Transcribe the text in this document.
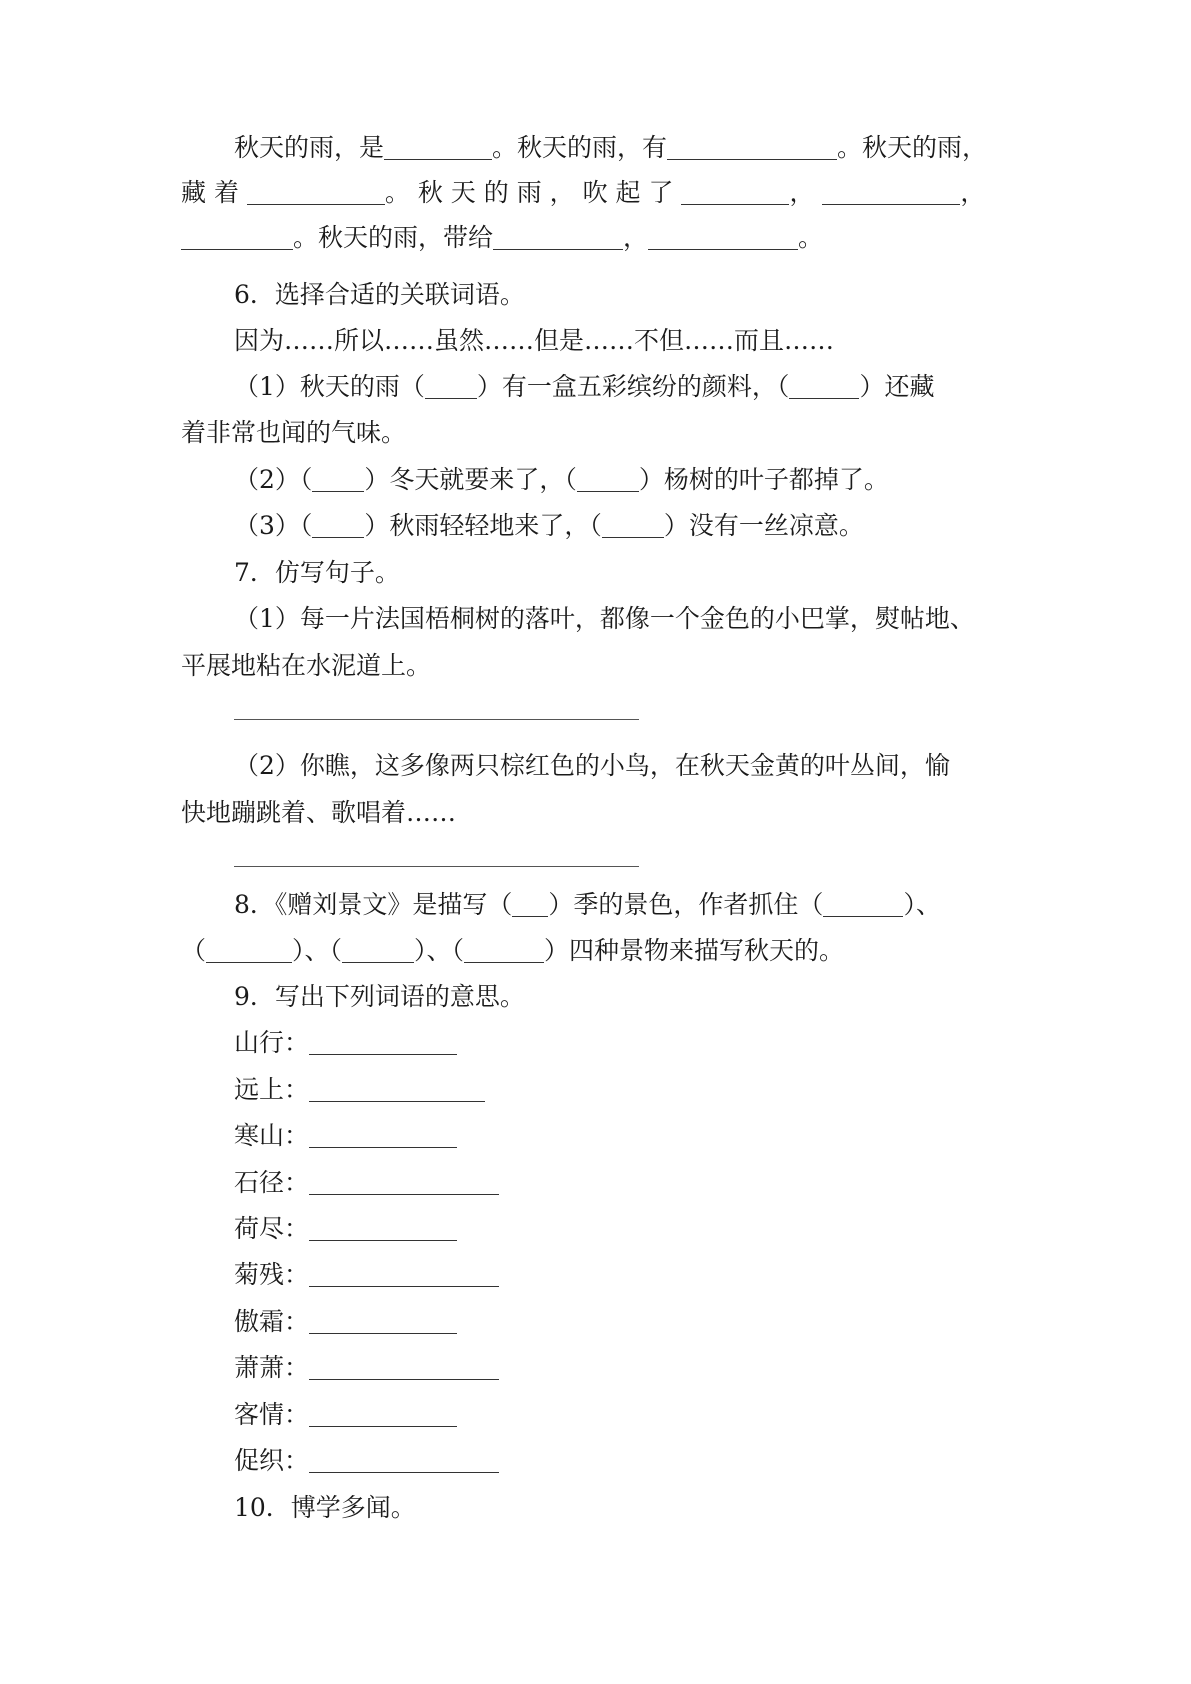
秋天的雨，是	。秋天的雨，有	。秋天的雨，
藏 着	。 秋 天 的 雨 ， 吹 起 了	，	，
。秋天的雨，带给	，	。
6．选择合适的关联词语。
因为……所以……虽然……但是……不但……而且……
（1）秋天的雨（ ）有一盒五彩缤纷的颜料，（	）还藏
着非常也闻的气味。
（2）（ ）冬天就要来了，（ ）杨树的叶子都掉了。
（3）（ ）秋雨轻轻地来了，（ ）没有一丝凉意。
7．仿写句子。
（1）每一片法国梧桐树的落叶，都像一个金色的小巴掌，熨帖地、
平展地粘在水泥道上。
（2）你瞧，这多像两只棕红色的小鸟，在秋天金黄的叶丛间，愉
快地蹦跳着、歌唱着……
8．《赠刘景文》是描写（ ）季的景色，作者抓住（	）、
（	）、（	）、（	）四种景物来描写秋天的。
9．写出下列词语的意思。
山行：
远上：
寒山：
石径：
荷尽：
菊残：
傲霜：
萧萧：
客情：
促织：
10．博学多闻。
